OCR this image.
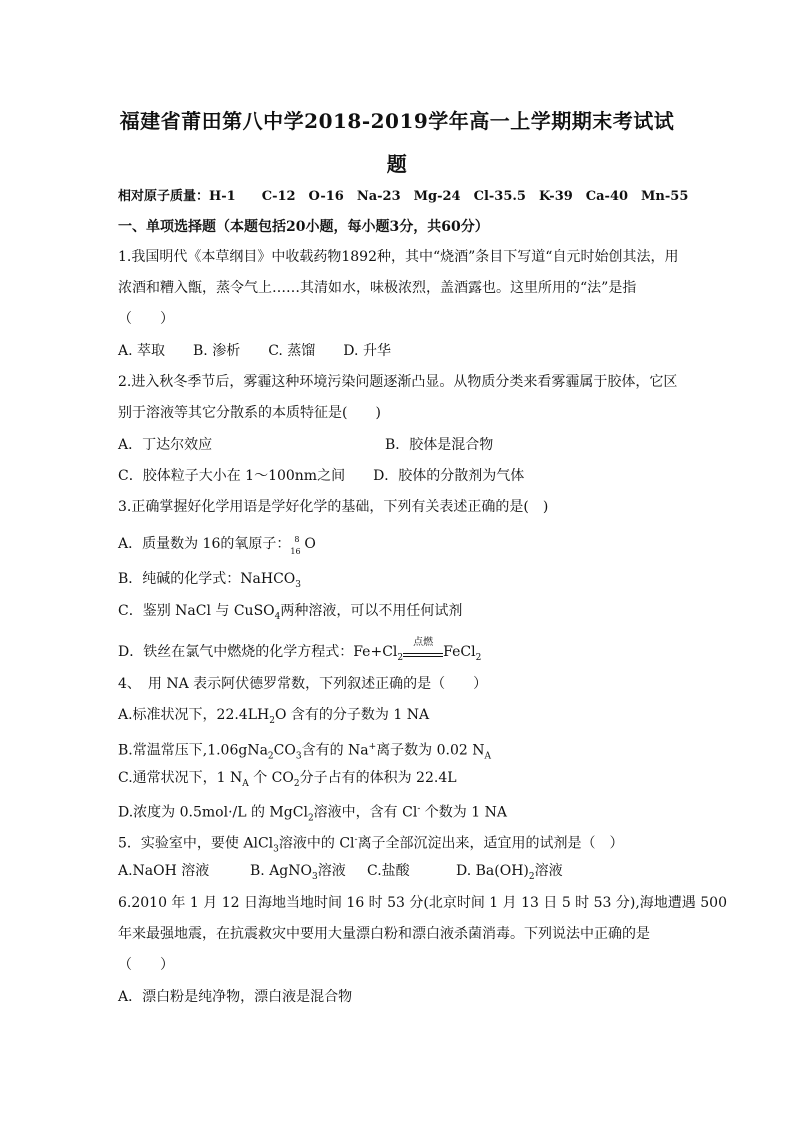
福建省莆田第八中学2018-2019学年高一上学期期末考试试
题
相对原子质量：H-1　　C-12　O-16　Na-23　Mg-24　Cl-35.5　K-39　Ca-40　Mn-55
一、单项选择题（本题包括20小题，每小题3分，共60分）
1.我国明代《本草纲目》中收载药物1892种，其中“烧酒”条目下写道“自元时始创其法，用
浓酒和糟入甑，蒸令气上……其清如水，味极浓烈，盖酒露也。这里所用的“法”是指
（　　）
A. 萃取　　B. 渗析　　C. 蒸馏　　D. 升华
2.进入秋冬季节后，雾霾这种环境污染问题逐渐凸显。从物质分类来看雾霾属于胶体，它区
别于溶液等其它分散系的本质特征是(　　)
A．丁达尔效应	B．胶体是混合物
C．胶体粒子大小在 1～100nm之间　　D．胶体的分散剂为气体
3.正确掌握好化学用语是学好化学的基础，下列有关表述正确的是(　)
A．质量数为 16的氧原子： 8
16 O
B．纯碱的化学式：NaHCO$_3$
C．鉴别 NaCl 与 CuSO$_4$两种溶液，可以不用任何试剂
D．铁丝在氯气中燃烧的化学方程式：$Fe+Cl_2$
点燃
FeCl$_2$
4、　用 NA 表示阿伏德罗常数，下列叙述正确的是（　　）
A.标准状况下，$22.4LH_2O$ 含有的分子数为 1 NA
B.常温常压下$,1.06gNa_2CO_3$含有的 Na+离子数为 0.02 $N_A$
C.通常状况下，1 $N_A$ 个 $CO_2$分子占有的体积为 22.4L
D.浓度为 0.5mol·/L 的 MgCl$_2$溶液中，含有 Cl- 个数为 1 NA
5．实验室中，要使 AlCl$_3$溶液中的 Cl-离子全部沉淀出来，适宜用的试剂是（　）
A.NaOH 溶液	B. AgNO$_3$溶液 C.盐酸	D. $Ba(OH)_2$溶液
6.2010 年 1 月 12 日海地当地时间 16 时 53 分(北京时间 1 月 13 日 5 时 53 分),海地遭遇 500
年来最强地震，在抗震救灾中要用大量漂白粉和漂白液杀菌消毒。下列说法中正确的是
（　　）
A．漂白粉是纯净物，漂白液是混合物
